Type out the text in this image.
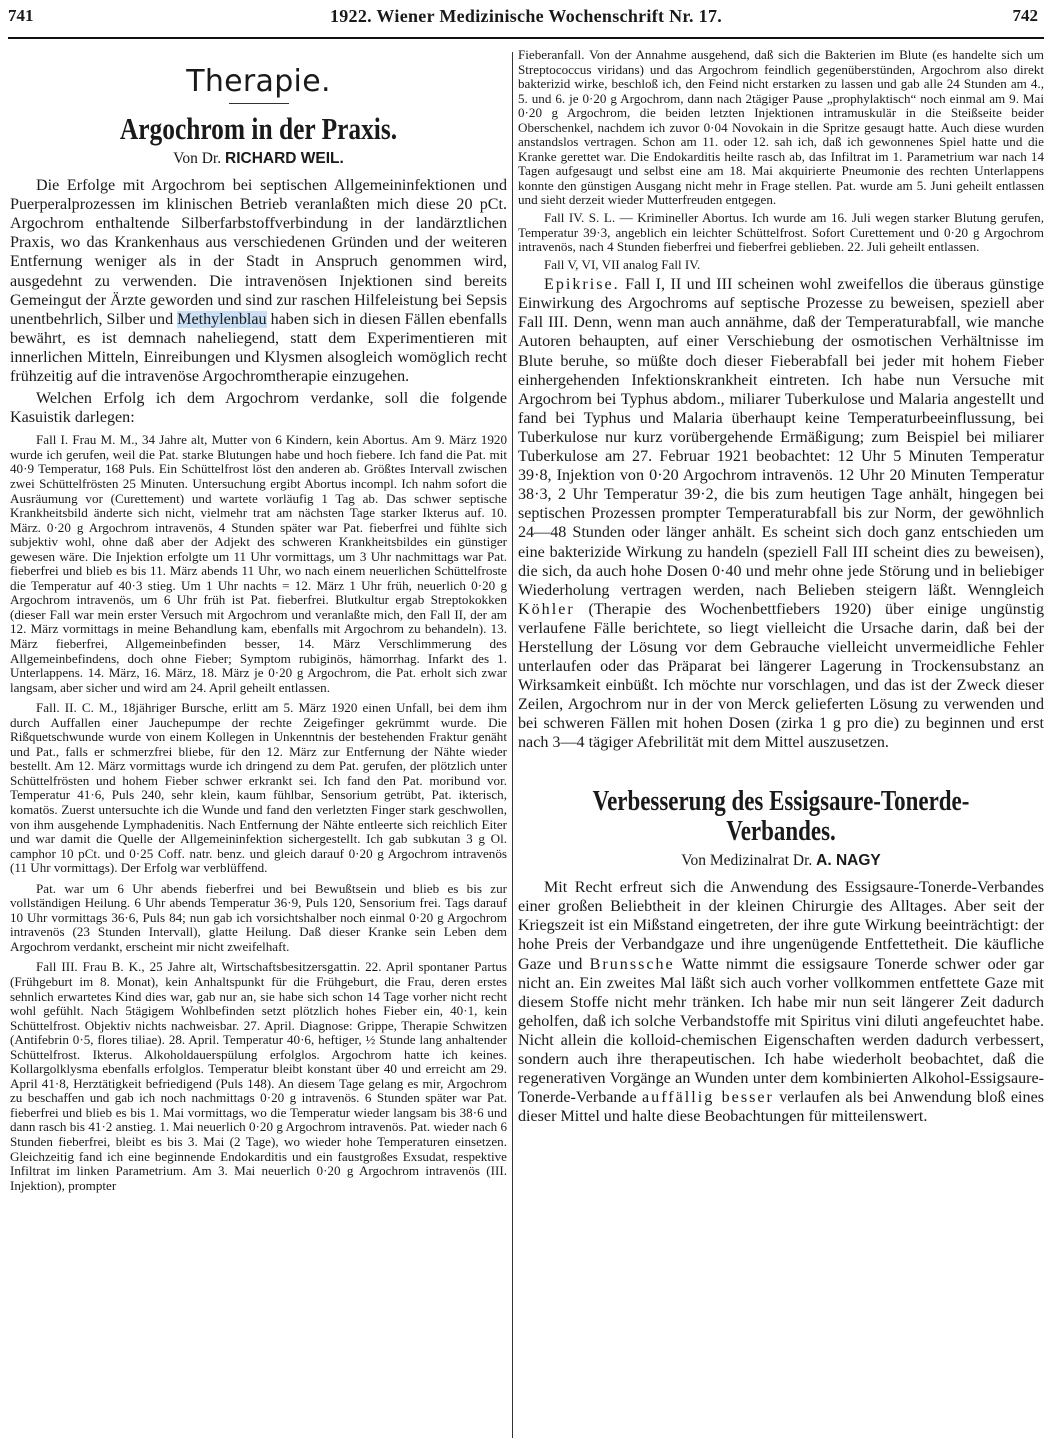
741	1922. Wiener Medizinische Wochenschrift Nr. 17.	742
Therapie.
Argochrom in der Praxis.
Von Dr. RICHARD WEIL.

Die Erfolge mit Argochrom bei septischen Allgemeininfektionen und Puerperalprozessen im klinischen Betrieb veranlaßten mich diese 20 pCt. Argochrom enthaltende Silberfarbstoffverbindung in der landärztlichen Praxis, wo das Krankenhaus aus verschiedenen Gründen und der weiteren Entfernung weniger als in der Stadt in Anspruch genommen wird, ausgedehnt zu verwenden. Die intravenösen Injektionen sind bereits Gemeingut der Ärzte geworden und sind zur raschen Hilfeleistung bei Sepsis unentbehrlich, Silber und Methylenblau haben sich in diesen Fällen ebenfalls bewährt, es ist demnach naheliegend, statt dem Experimentieren mit innerlichen Mitteln, Einreibungen und Klysmen alsogleich womöglich recht frühzeitig auf die intravenöse Argochromtherapie einzugehen.

Welchen Erfolg ich dem Argochrom verdanke, soll die folgende Kasuistik darlegen:

Fall I. Frau M. M., 34 Jahre alt, Mutter von 6 Kindern, kein Abortus. Am 9. März 1920 wurde ich gerufen, weil die Pat. starke Blutungen habe und hoch fiebere. Ich fand die Pat. mit 40·9 Temperatur, 168 Puls. Ein Schüttelfrost löst den anderen ab. Größtes Intervall zwischen zwei Schüttelfrösten 25 Minuten. Untersuchung ergibt Abortus incompl. Ich nahm sofort die Ausräumung vor (Curettement) und wartete vorläufig 1 Tag ab. Das schwer septische Krankheitsbild änderte sich nicht, vielmehr trat am nächsten Tage starker Ikterus auf. 10. März. 0·20 g Argochrom intravenös, 4 Stunden später war Pat. fieberfrei und fühlte sich subjektiv wohl, ohne daß aber der Adjekt des schweren Krankheitsbildes ein günstiger gewesen wäre. Die Injektion erfolgte um 11 Uhr vormittags, um 3 Uhr nachmittags war Pat. fieberfrei und blieb es bis 11. März abends 11 Uhr, wo nach einem neuerlichen Schüttelfroste die Temperatur auf 40·3 stieg. Um 1 Uhr nachts = 12. März 1 Uhr früh, neuerlich 0·20 g Argochrom intravenös, um 6 Uhr früh ist Pat. fieberfrei. Blutkultur ergab Streptokokken (dieser Fall war mein erster Versuch mit Argochrom und veranlaßte mich, den Fall II, der am 12. März vormittags in meine Behandlung kam, ebenfalls mit Argochrom zu behandeln). 13. März fieberfrei, Allgemeinbefinden besser, 14. März Verschlimmerung des Allgemeinbefindens, doch ohne Fieber; Symptom rubiginös, hämorrhag. Infarkt des 1. Unterlappens. 14. März, 16. März, 18. März je 0·20 g Argochrom, die Pat. erholt sich zwar langsam, aber sicher und wird am 24. April geheilt entlassen.

Fall. II. C. M., 18jähriger Bursche, erlitt am 5. März 1920 einen Unfall, bei dem ihm durch Auffallen einer Jauchepumpe der rechte Zeigefinger gekrümmt wurde. Die Rißquetschwunde wurde von einem Kollegen in Unkenntnis der bestehenden Fraktur genäht und Pat., falls er schmerzfrei bliebe, für den 12. März zur Entfernung der Nähte wieder bestellt. Am 12. März vormittags wurde ich dringend zu dem Pat. gerufen, der plötzlich unter Schüttelfrösten und hohem Fieber schwer erkrankt sei. Ich fand den Pat. moribund vor. Temperatur 41·6, Puls 240, sehr klein, kaum fühlbar, Sensorium getrübt, Pat. ikterisch, komatös. Zuerst untersuchte ich die Wunde und fand den verletzten Finger stark geschwollen, von ihm ausgehende Lymphadenitis. Nach Entfernung der Nähte entleerte sich reichlich Eiter und war damit die Quelle der Allgemeininfektion sichergestellt. Ich gab subkutan 3 g Ol. camphor 10 pCt. und 0·25 Coff. natr. benz. und gleich darauf 0·20 g Argochrom intravenös (11 Uhr vormittags). Der Erfolg war verblüffend.

Pat. war um 6 Uhr abends fieberfrei und bei Bewußtsein und blieb es bis zur vollständigen Heilung. 6 Uhr abends Temperatur 36·9, Puls 120, Sensorium frei. Tags darauf 10 Uhr vormittags 36·6, Puls 84; nun gab ich vorsichtshalber noch einmal 0·20 g Argochrom intravenös (23 Stunden Intervall), glatte Heilung. Daß dieser Kranke sein Leben dem Argochrom verdankt, erscheint mir nicht zweifelhaft.

Fall III. Frau B. K., 25 Jahre alt, Wirtschaftsbesitzersgattin. 22. April spontaner Partus (Frühgeburt im 8. Monat), kein Anhaltspunkt für die Frühgeburt, die Frau, deren erstes sehnlich erwartetes Kind dies war, gab nur an, sie habe sich schon 14 Tage vorher nicht recht wohl gefühlt. Nach 5tägigem Wohlbefinden setzt plötzlich hohes Fieber ein, 40·1, kein Schüttelfrost. Objektiv nichts nachweisbar. 27. April. Diagnose: Grippe, Therapie Schwitzen (Antifebrin 0·5, flores tiliae). 28. April. Temperatur 40·6, heftiger, ½ Stunde lang anhaltender Schüttelfrost. Ikterus. Alkoholdauerspülung erfolglos. Argochrom hatte ich keines. Kollargolklysma ebenfalls erfolglos. Temperatur bleibt konstant über 40 und erreicht am 29. April 41·8, Herztätigkeit befriedigend (Puls 148). An diesem Tage gelang es mir, Argochrom zu beschaffen und gab ich noch nachmittags 0·20 g intravenös. 6 Stunden später war Pat. fieberfrei und blieb es bis 1. Mai vormittags, wo die Temperatur wieder langsam bis 38·6 und dann rasch bis 41·2 anstieg. 1. Mai neuerlich 0·20 g Argochrom intravenös. Pat. wieder nach 6 Stunden fieberfrei, bleibt es bis 3. Mai (2 Tage), wo wieder hohe Temperaturen einsetzen. Gleichzeitig fand ich eine beginnende Endokarditis und ein faustgroßes Exsudat, respektive Infiltrat im linken Parametrium. Am 3. Mai neuerlich 0·20 g Argochrom intravenös (III. Injektion), prompter

Fieberanfall. Von der Annahme ausgehend, daß sich die Bakterien im Blute (es handelte sich um Streptococcus viridans) und das Argochrom feindlich gegenüberstünden, Argochrom also direkt bakterizid wirke, beschloß ich, den Feind nicht erstarken zu lassen und gab alle 24 Stunden am 4., 5. und 6. je 0·20 g Argochrom, dann nach 2tägiger Pause „prophylaktisch“ noch einmal am 9. Mai 0·20 g Argochrom, die beiden letzten Injektionen intramuskulär in die Steißseite beider Oberschenkel, nachdem ich zuvor 0·04 Novokain in die Spritze gesaugt hatte. Auch diese wurden anstandslos vertragen. Schon am 11. oder 12. sah ich, daß ich gewonnenes Spiel hatte und die Kranke gerettet war. Die Endokarditis heilte rasch ab, das Infiltrat im 1. Parametrium war nach 14 Tagen aufgesaugt und selbst eine am 18. Mai akquirierte Pneumonie des rechten Unterlappens konnte den günstigen Ausgang nicht mehr in Frage stellen. Pat. wurde am 5. Juni geheilt entlassen und sieht derzeit wieder Mutterfreuden entgegen.

Fall IV. S. L. — Krimineller Abortus. Ich wurde am 16. Juli wegen starker Blutung gerufen, Temperatur 39·3, angeblich ein leichter Schüttelfrost. Sofort Curettement und 0·20 g Argochrom intravenös, nach 4 Stunden fieberfrei und fieberfrei geblieben. 22. Juli geheilt entlassen.

Fall V, VI, VII analog Fall IV.

Epikrise. Fall I, II und III scheinen wohl zweifellos die überaus günstige Einwirkung des Argochroms auf septische Prozesse zu beweisen, speziell aber Fall III. Denn, wenn man auch annähme, daß der Temperaturabfall, wie manche Autoren behaupten, auf einer Verschiebung der osmotischen Verhältnisse im Blute beruhe, so müßte doch dieser Fieberabfall bei jeder mit hohem Fieber einhergehenden Infektionskrankheit eintreten. Ich habe nun Versuche mit Argochrom bei Typhus abdom., miliarer Tuberkulose und Malaria angestellt und fand bei Typhus und Malaria überhaupt keine Temperaturbeeinflussung, bei Tuberkulose nur kurz vorübergehende Ermäßigung; zum Beispiel bei miliarer Tuberkulose am 27. Februar 1921 beobachtet: 12 Uhr 5 Minuten Temperatur 39·8, Injektion von 0·20 Argochrom intravenös. 12 Uhr 20 Minuten Temperatur 38·3, 2 Uhr Temperatur 39·2, die bis zum heutigen Tage anhält, hingegen bei septischen Prozessen prompter Temperaturabfall bis zur Norm, der gewöhnlich 24—48 Stunden oder länger anhält. Es scheint sich doch ganz entschieden um eine bakterizide Wirkung zu handeln (speziell Fall III scheint dies zu beweisen), die sich, da auch hohe Dosen 0·40 und mehr ohne jede Störung und in beliebiger Wiederholung vertragen werden, nach Belieben steigern läßt. Wenngleich Köhler (Therapie des Wochenbettfiebers 1920) über einige ungünstig verlaufene Fälle berichtete, so liegt vielleicht die Ursache darin, daß bei der Herstellung der Lösung vor dem Gebrauche vielleicht unvermeidliche Fehler unterlaufen oder das Präparat bei längerer Lagerung in Trockensubstanz an Wirksamkeit einbüßt. Ich möchte nur vorschlagen, und das ist der Zweck dieser Zeilen, Argochrom nur in der von Merck gelieferten Lösung zu verwenden und bei schweren Fällen mit hohen Dosen (zirka 1 g pro die) zu beginnen und erst nach 3—4 tägiger Afebrilität mit dem Mittel auszusetzen.

Verbesserung des Essigsaure-Tonerde-
Verbandes.
Von Medizinalrat Dr. A. NAGY

Mit Recht erfreut sich die Anwendung des Essigsaure-Tonerde-Verbandes einer großen Beliebtheit in der kleinen Chirurgie des Alltages. Aber seit der Kriegszeit ist ein Mißstand eingetreten, der ihre gute Wirkung beeinträchtigt: der hohe Preis der Verbandgaze und ihre ungenügende Entfettetheit. Die käufliche Gaze und Brunssche Watte nimmt die essigsaure Tonerde schwer oder gar nicht an. Ein zweites Mal läßt sich auch vorher vollkommen entfettete Gaze mit diesem Stoffe nicht mehr tränken. Ich habe mir nun seit längerer Zeit dadurch geholfen, daß ich solche Verbandstoffe mit Spiritus vini diluti angefeuchtet habe. Nicht allein die kolloid-chemischen Eigenschaften werden dadurch verbessert, sondern auch ihre therapeutischen. Ich habe wiederholt beobachtet, daß die regenerativen Vorgänge an Wunden unter dem kombinierten Alkohol-Essigsaure-Tonerde-Verbande auffällig besser verlaufen als bei Anwendung bloß eines dieser Mittel und halte diese Beobachtungen für mitteilenswert.
